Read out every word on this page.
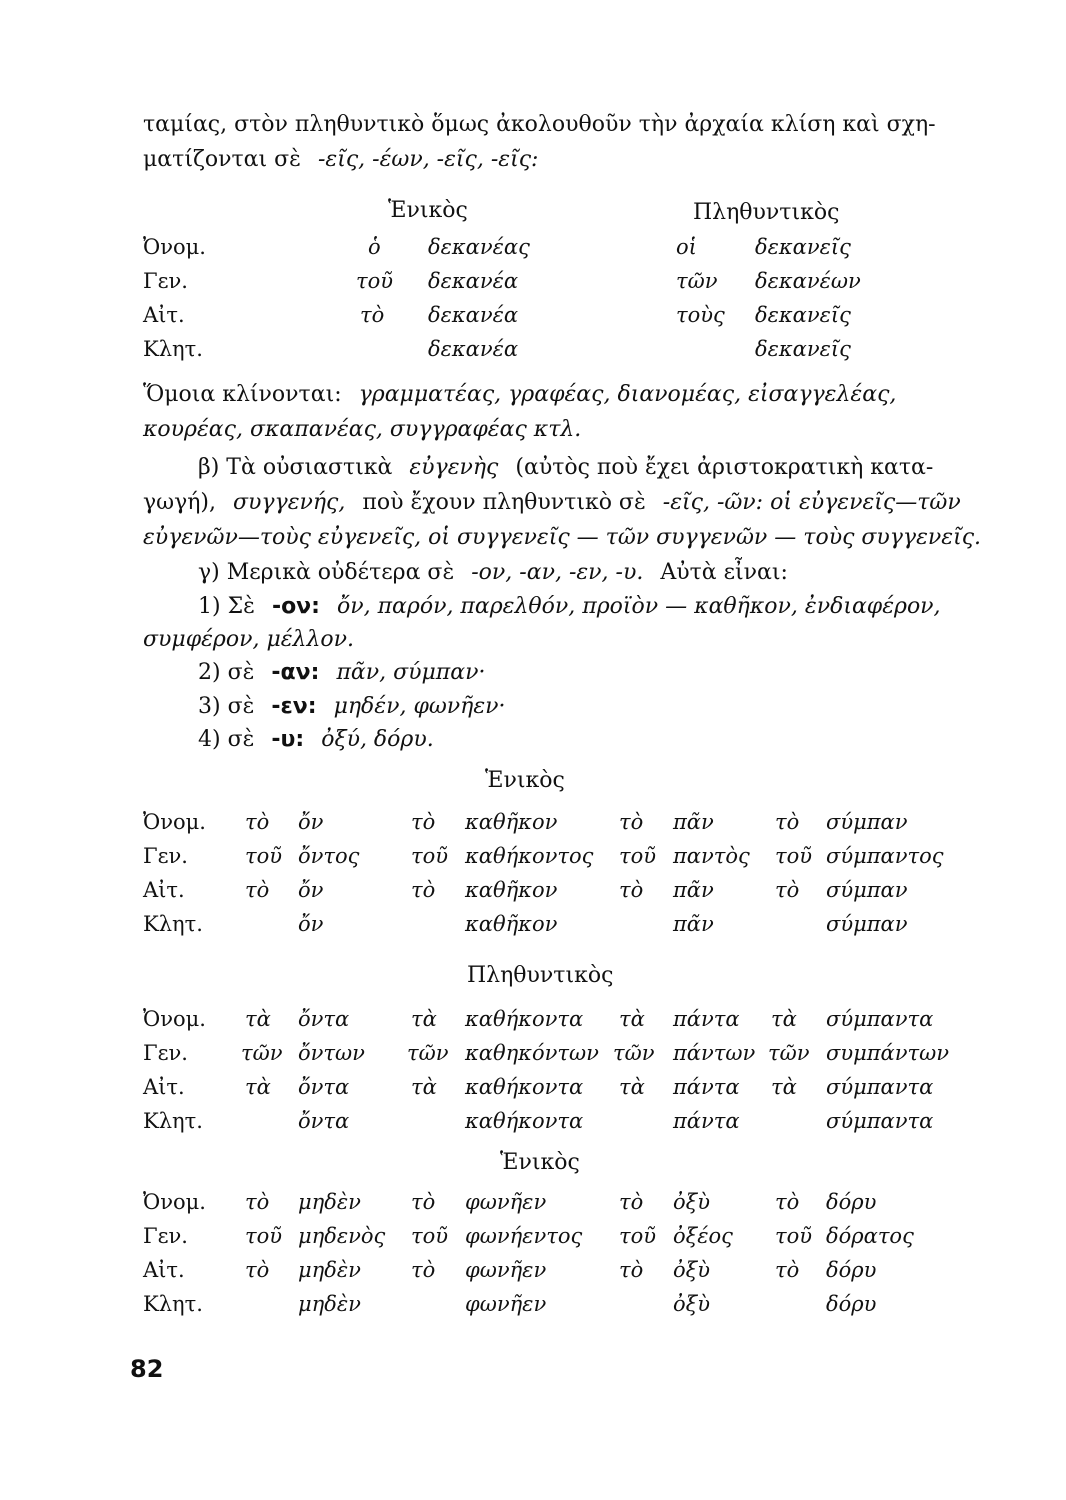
ταμίας, στὸν πληθυντικὸ ὅμως ἀκολουθοῦν τὴν ἀρχαία κλίση καὶ σχη-
ματίζονται σὲ -εῖς, -έων, -εῖς, -εῖς:
Ἑνικὸς	Πληθυντικὸς
Ὀνομ.	ὁ δεκανέας	οἱ	δεκανεῖς
Γεν.	τοῦ δεκανέα	τῶν δεκανέων
Αἰτ.	τὸ δεκανέα	τοὺς δεκανεῖς
Κλητ.	δεκανέα	δεκανεῖς
Ὅμοια κλίνονται: γραμματέας, γραφέας, διανομέας, εἰσαγγελέας,
κουρέας, σκαπανέας, συγγραφέας κτλ.
β) Τὰ οὐσιαστικὰ εὐγενὴς (αὐτὸς ποὺ ἔχει ἀριστοκρατικὴ κατα-
γωγή), συγγενής, ποὺ ἔχουν πληθυντικὸ σὲ -εῖς, -ῶν: οἱ εὐγενεῖς—τῶν
εὐγενῶν—τοὺς εὐγενεῖς, οἱ συγγενεῖς — τῶν συγγενῶν — τοὺς συγγενεῖς.
γ) Μερικὰ οὐδέτερα σὲ -ον, -αν, -εν, -υ. Αὐτὰ εἶναι:
1) Σὲ -ον: ὄν, παρόν, παρελθόν, προϊὸν — καθῆκον, ἐνδιαφέρον,
συμφέρον, μέλλον.
2) σὲ -αν: πᾶν, σύμπαν·
3) σὲ -εν: μηδέν, φωνῆεν·
4) σὲ -υ: ὀξύ, δόρυ.
Ἑνικὸς
Ὀνομ. τὸ ὄν	τὸ καθῆκον	τὸ πᾶν	τὸ σύμπαν
Γεν.	τοῦ ὄντος τοῦ καθήκοντος τοῦ παντὸς τοῦ σύμπαντος
Αἰτ.	τὸ ὄν	τὸ καθῆκον	τὸ πᾶν	τὸ σύμπαν
Κλητ.	ὄν	καθῆκον	πᾶν	σύμπαν
Πληθυντικὸς
Ὀνομ. τὰ ὄντα	τὰ καθήκοντα τὰ πάντα τὰ σύμπαντα
Γεν.	τῶν ὄντων τῶν καθηκόντων τῶν πάντων τῶν συμπάντων
Αἰτ.	τὰ ὄντα	τὰ καθήκοντα τὰ πάντα τὰ σύμπαντα
Κλητ.	ὄντα	καθήκοντα	πάντα	σύμπαντα
Ἑνικὸς
Ὀνομ. τὸ μηδὲν τὸ φωνῆεν	τὸ ὀξὺ	τὸ δόρυ
Γεν.	τοῦ μηδενὸς τοῦ φωνήεντος τοῦ ὀξέος τοῦ δόρατος
Αἰτ.	τὸ μηδὲν τὸ φωνῆεν	τὸ ὀξὺ	τὸ δόρυ
Κλητ.	μηδὲν	φωνῆεν	ὀξὺ	δόρυ
82
